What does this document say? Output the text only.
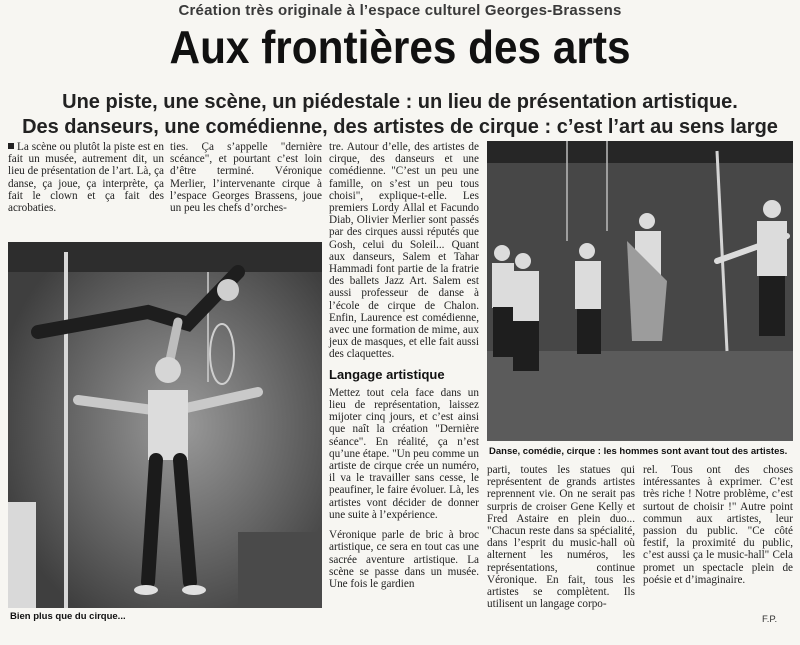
Création très originale à l’espace culturel Georges-Brassens
Aux frontières des arts
Une piste, une scène, un piédestale : un lieu de présentation artistique.
Des danseurs, une comédienne, des artistes de cirque : c’est l’art au sens large
La scène ou plutôt la piste est en fait un musée, autrement dit, un lieu de présentation de l’art. Là, ça danse, ça joue, ça interprète, ça fait le clown et ça fait des acrobaties.
ties. Ça s’appelle "dernière scéance", et pourtant c’est loin d’être terminé. Véronique Merlier, l’intervenante cirque à l’espace Georges Brassens, joue un peu les chefs d’orches-
Bien plus que du cirque...

tre. Autour d’elle, des artistes de cirque, des danseurs et une comédienne. "C’est un peu une famille, on s’est un peu tous choisi", explique-t-elle. Les premiers Lordy Allal et Facundo Diab, Olivier Merlier sont passés par des cirques aussi réputés que Gosh, celui du Soleil... Quant aux danseurs, Salem et Tahar Hammadi font partie de la fratrie des ballets Jazz Art. Salem est aussi professeur de danse à l’école de cirque de Chalon. Enfin, Laurence est comédienne, avec une formation de mime, aux jeux de masques, et elle fait aussi des claquettes.

Langage artistique

Mettez tout cela face dans un lieu de représentation, laissez mijoter cinq jours, et c’est ainsi que naît la création "Dernière séance". En réalité, ça n’est qu’une étape. "Un peu comme un artiste de cirque crée un numéro, il va le travailler sans cesse, le peaufiner, le faire évoluer. Là, les artistes vont décider de donner une suite à l’expérience.

Véronique parle de bric à broc artistique, ce sera en tout cas une sacrée aventure artistique. La scène se passe dans un musée. Une fois le gardien

Danse, comédie, cirque : les hommes sont avant tout des artistes.
parti, toutes les statues qui représentent de grands artistes reprennent vie. On ne serait pas surpris de croiser Gene Kelly et Fred Astaire en plein duo... "Chacun reste dans sa spécialité, dans l’esprit du music-hall où alternent les numéros, les représentations, continue Véronique. En fait, tous les artistes se complètent. Ils utilisent un langage corpo-
rel. Tous ont des choses intéressantes à exprimer. C’est très riche ! Notre problème, c’est surtout de choisir !" Autre point commun aux artistes, leur passion du public. "Ce côté festif, la proximité du public, c’est aussi ça le music-hall" Cela promet un spectacle plein de poésie et d’imaginaire.
F.P.
